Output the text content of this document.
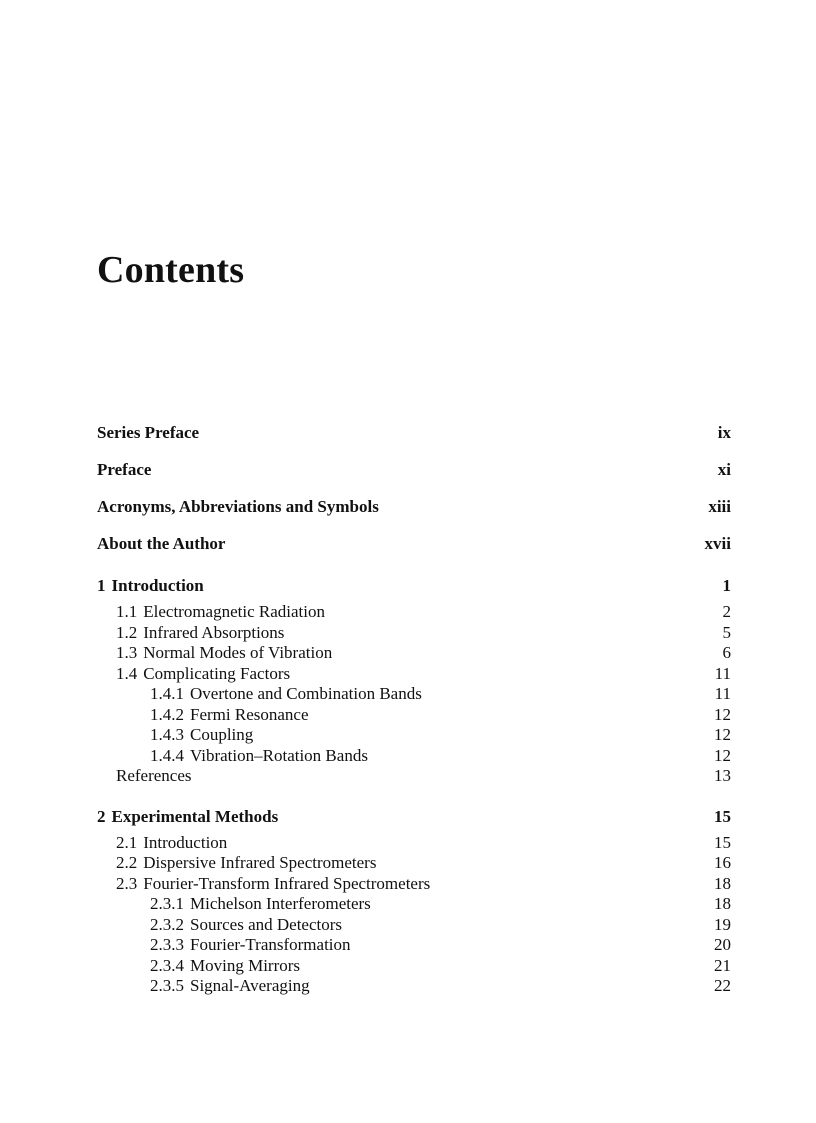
Contents
Series Preface	ix
Preface	xi
Acronyms, Abbreviations and Symbols	xiii
About the Author	xvii
1 Introduction	1
1.1 Electromagnetic Radiation	2
1.2 Infrared Absorptions	5
1.3 Normal Modes of Vibration	6
1.4 Complicating Factors	11
1.4.1 Overtone and Combination Bands	11
1.4.2 Fermi Resonance	12
1.4.3 Coupling	12
1.4.4 Vibration–Rotation Bands	12
References	13
2 Experimental Methods	15
2.1 Introduction	15
2.2 Dispersive Infrared Spectrometers	16
2.3 Fourier-Transform Infrared Spectrometers	18
2.3.1 Michelson Interferometers	18
2.3.2 Sources and Detectors	19
2.3.3 Fourier-Transformation	20
2.3.4 Moving Mirrors	21
2.3.5 Signal-Averaging	22
